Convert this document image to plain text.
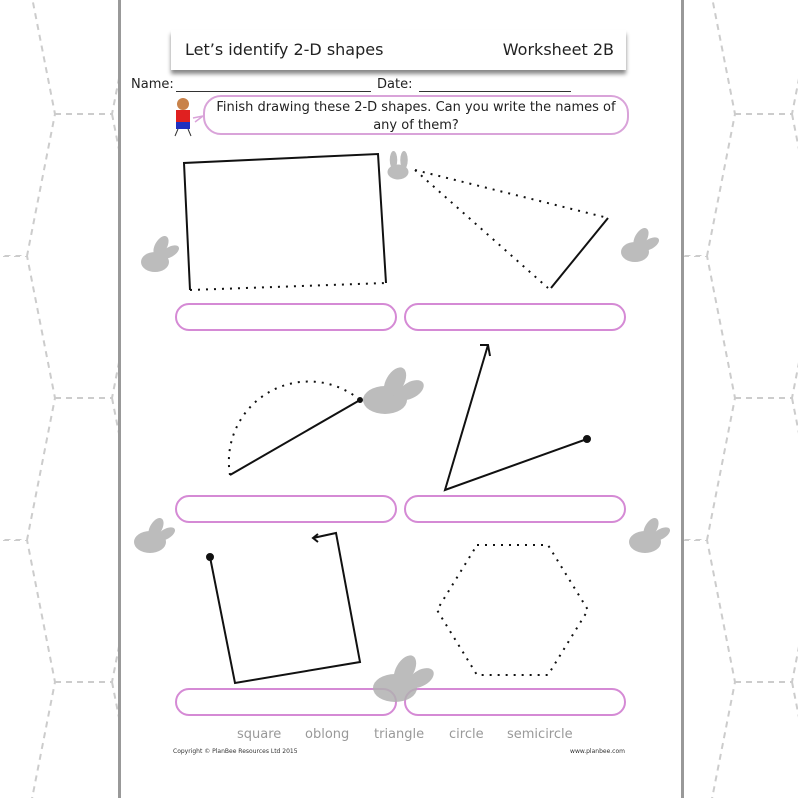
Let’s identify 2-D shapes	Worksheet 2B
Name:	Date:
Finish drawing these 2-D shapes. Can you write the names of any of them?
square oblong triangle circle semicircle
Copyright © PlanBee Resources Ltd 2015	www.planbee.com
